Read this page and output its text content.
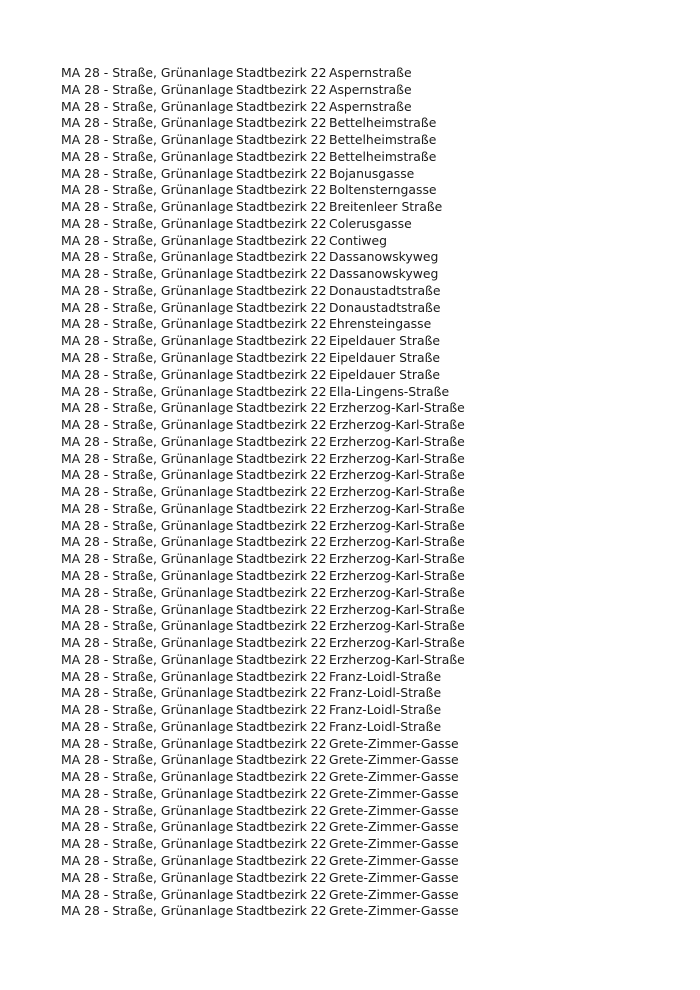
MA 28 - Straße, Grünanlage Stadtbezirk 22 Aspernstraße
MA 28 - Straße, Grünanlage Stadtbezirk 22 Aspernstraße
MA 28 - Straße, Grünanlage Stadtbezirk 22 Aspernstraße
MA 28 - Straße, Grünanlage Stadtbezirk 22 Bettelheimstraße
MA 28 - Straße, Grünanlage Stadtbezirk 22 Bettelheimstraße
MA 28 - Straße, Grünanlage Stadtbezirk 22 Bettelheimstraße
MA 28 - Straße, Grünanlage Stadtbezirk 22 Bojanusgasse
MA 28 - Straße, Grünanlage Stadtbezirk 22 Boltensterngasse
MA 28 - Straße, Grünanlage Stadtbezirk 22 Breitenleer Straße
MA 28 - Straße, Grünanlage Stadtbezirk 22 Colerusgasse
MA 28 - Straße, Grünanlage Stadtbezirk 22 Contiweg
MA 28 - Straße, Grünanlage Stadtbezirk 22 Dassanowskyweg
MA 28 - Straße, Grünanlage Stadtbezirk 22 Dassanowskyweg
MA 28 - Straße, Grünanlage Stadtbezirk 22 Donaustadtstraße
MA 28 - Straße, Grünanlage Stadtbezirk 22 Donaustadtstraße
MA 28 - Straße, Grünanlage Stadtbezirk 22 Ehrensteingasse
MA 28 - Straße, Grünanlage Stadtbezirk 22 Eipeldauer Straße
MA 28 - Straße, Grünanlage Stadtbezirk 22 Eipeldauer Straße
MA 28 - Straße, Grünanlage Stadtbezirk 22 Eipeldauer Straße
MA 28 - Straße, Grünanlage Stadtbezirk 22 Ella-Lingens-Straße
MA 28 - Straße, Grünanlage Stadtbezirk 22 Erzherzog-Karl-Straße
MA 28 - Straße, Grünanlage Stadtbezirk 22 Erzherzog-Karl-Straße
MA 28 - Straße, Grünanlage Stadtbezirk 22 Erzherzog-Karl-Straße
MA 28 - Straße, Grünanlage Stadtbezirk 22 Erzherzog-Karl-Straße
MA 28 - Straße, Grünanlage Stadtbezirk 22 Erzherzog-Karl-Straße
MA 28 - Straße, Grünanlage Stadtbezirk 22 Erzherzog-Karl-Straße
MA 28 - Straße, Grünanlage Stadtbezirk 22 Erzherzog-Karl-Straße
MA 28 - Straße, Grünanlage Stadtbezirk 22 Erzherzog-Karl-Straße
MA 28 - Straße, Grünanlage Stadtbezirk 22 Erzherzog-Karl-Straße
MA 28 - Straße, Grünanlage Stadtbezirk 22 Erzherzog-Karl-Straße
MA 28 - Straße, Grünanlage Stadtbezirk 22 Erzherzog-Karl-Straße
MA 28 - Straße, Grünanlage Stadtbezirk 22 Erzherzog-Karl-Straße
MA 28 - Straße, Grünanlage Stadtbezirk 22 Erzherzog-Karl-Straße
MA 28 - Straße, Grünanlage Stadtbezirk 22 Erzherzog-Karl-Straße
MA 28 - Straße, Grünanlage Stadtbezirk 22 Erzherzog-Karl-Straße
MA 28 - Straße, Grünanlage Stadtbezirk 22 Erzherzog-Karl-Straße
MA 28 - Straße, Grünanlage Stadtbezirk 22 Franz-Loidl-Straße
MA 28 - Straße, Grünanlage Stadtbezirk 22 Franz-Loidl-Straße
MA 28 - Straße, Grünanlage Stadtbezirk 22 Franz-Loidl-Straße
MA 28 - Straße, Grünanlage Stadtbezirk 22 Franz-Loidl-Straße
MA 28 - Straße, Grünanlage Stadtbezirk 22 Grete-Zimmer-Gasse
MA 28 - Straße, Grünanlage Stadtbezirk 22 Grete-Zimmer-Gasse
MA 28 - Straße, Grünanlage Stadtbezirk 22 Grete-Zimmer-Gasse
MA 28 - Straße, Grünanlage Stadtbezirk 22 Grete-Zimmer-Gasse
MA 28 - Straße, Grünanlage Stadtbezirk 22 Grete-Zimmer-Gasse
MA 28 - Straße, Grünanlage Stadtbezirk 22 Grete-Zimmer-Gasse
MA 28 - Straße, Grünanlage Stadtbezirk 22 Grete-Zimmer-Gasse
MA 28 - Straße, Grünanlage Stadtbezirk 22 Grete-Zimmer-Gasse
MA 28 - Straße, Grünanlage Stadtbezirk 22 Grete-Zimmer-Gasse
MA 28 - Straße, Grünanlage Stadtbezirk 22 Grete-Zimmer-Gasse
MA 28 - Straße, Grünanlage Stadtbezirk 22 Grete-Zimmer-Gasse
